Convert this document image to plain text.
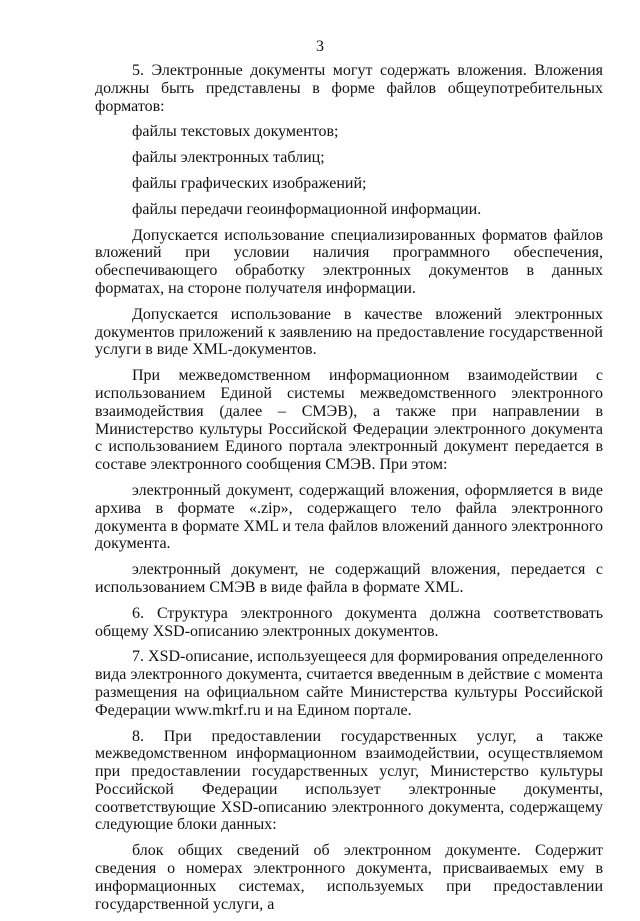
3

5. Электронные документы могут содержать вложения. Вложения должны быть представлены в форме файлов общеупотребительных форматов:

файлы текстовых документов;

файлы электронных таблиц;

файлы графических изображений;

файлы передачи геоинформационной информации.

Допускается использование специализированных форматов файлов вложений при условии наличия программного обеспечения, обеспечивающего обработку электронных документов в данных форматах, на стороне получателя информации.

Допускается использование в качестве вложений электронных документов приложений к заявлению на предоставление государственной услуги в виде XML-документов.

При межведомственном информационном взаимодействии с использованием Единой системы межведомственного электронного взаимодействия (далее – СМЭВ), а также при направлении в Министерство культуры Российской Федерации электронного документа с использованием Единого портала электронный документ передается в составе электронного сообщения СМЭВ. При этом:

электронный документ, содержащий вложения, оформляется в виде архива в формате «.zip», содержащего тело файла электронного документа в формате XML и тела файлов вложений данного электронного документа.

электронный документ, не содержащий вложения, передается с использованием СМЭВ в виде файла в формате XML.

6. Структура электронного документа должна соответствовать общему XSD-описанию электронных документов.

7. XSD-описание, используещееся для формирования определенного вида электронного документа, считается введенным в действие с момента размещения на официальном сайте Министерства культуры Российской Федерации www.mkrf.ru и на Едином портале.

8. При предоставлении государственных услуг, а также межведомственном информационном взаимодействии, осуществляемом при предоставлении государственных услуг, Министерство культуры Российской Федерации использует электронные документы, соответствующие XSD-описанию электронного документа, содержащему следующие блоки данных:

блок общих сведений об электронном документе. Содержит сведения о номерах электронного документа, присваиваемых ему в информационных системах, используемых при предоставлении государственной услуги, а
